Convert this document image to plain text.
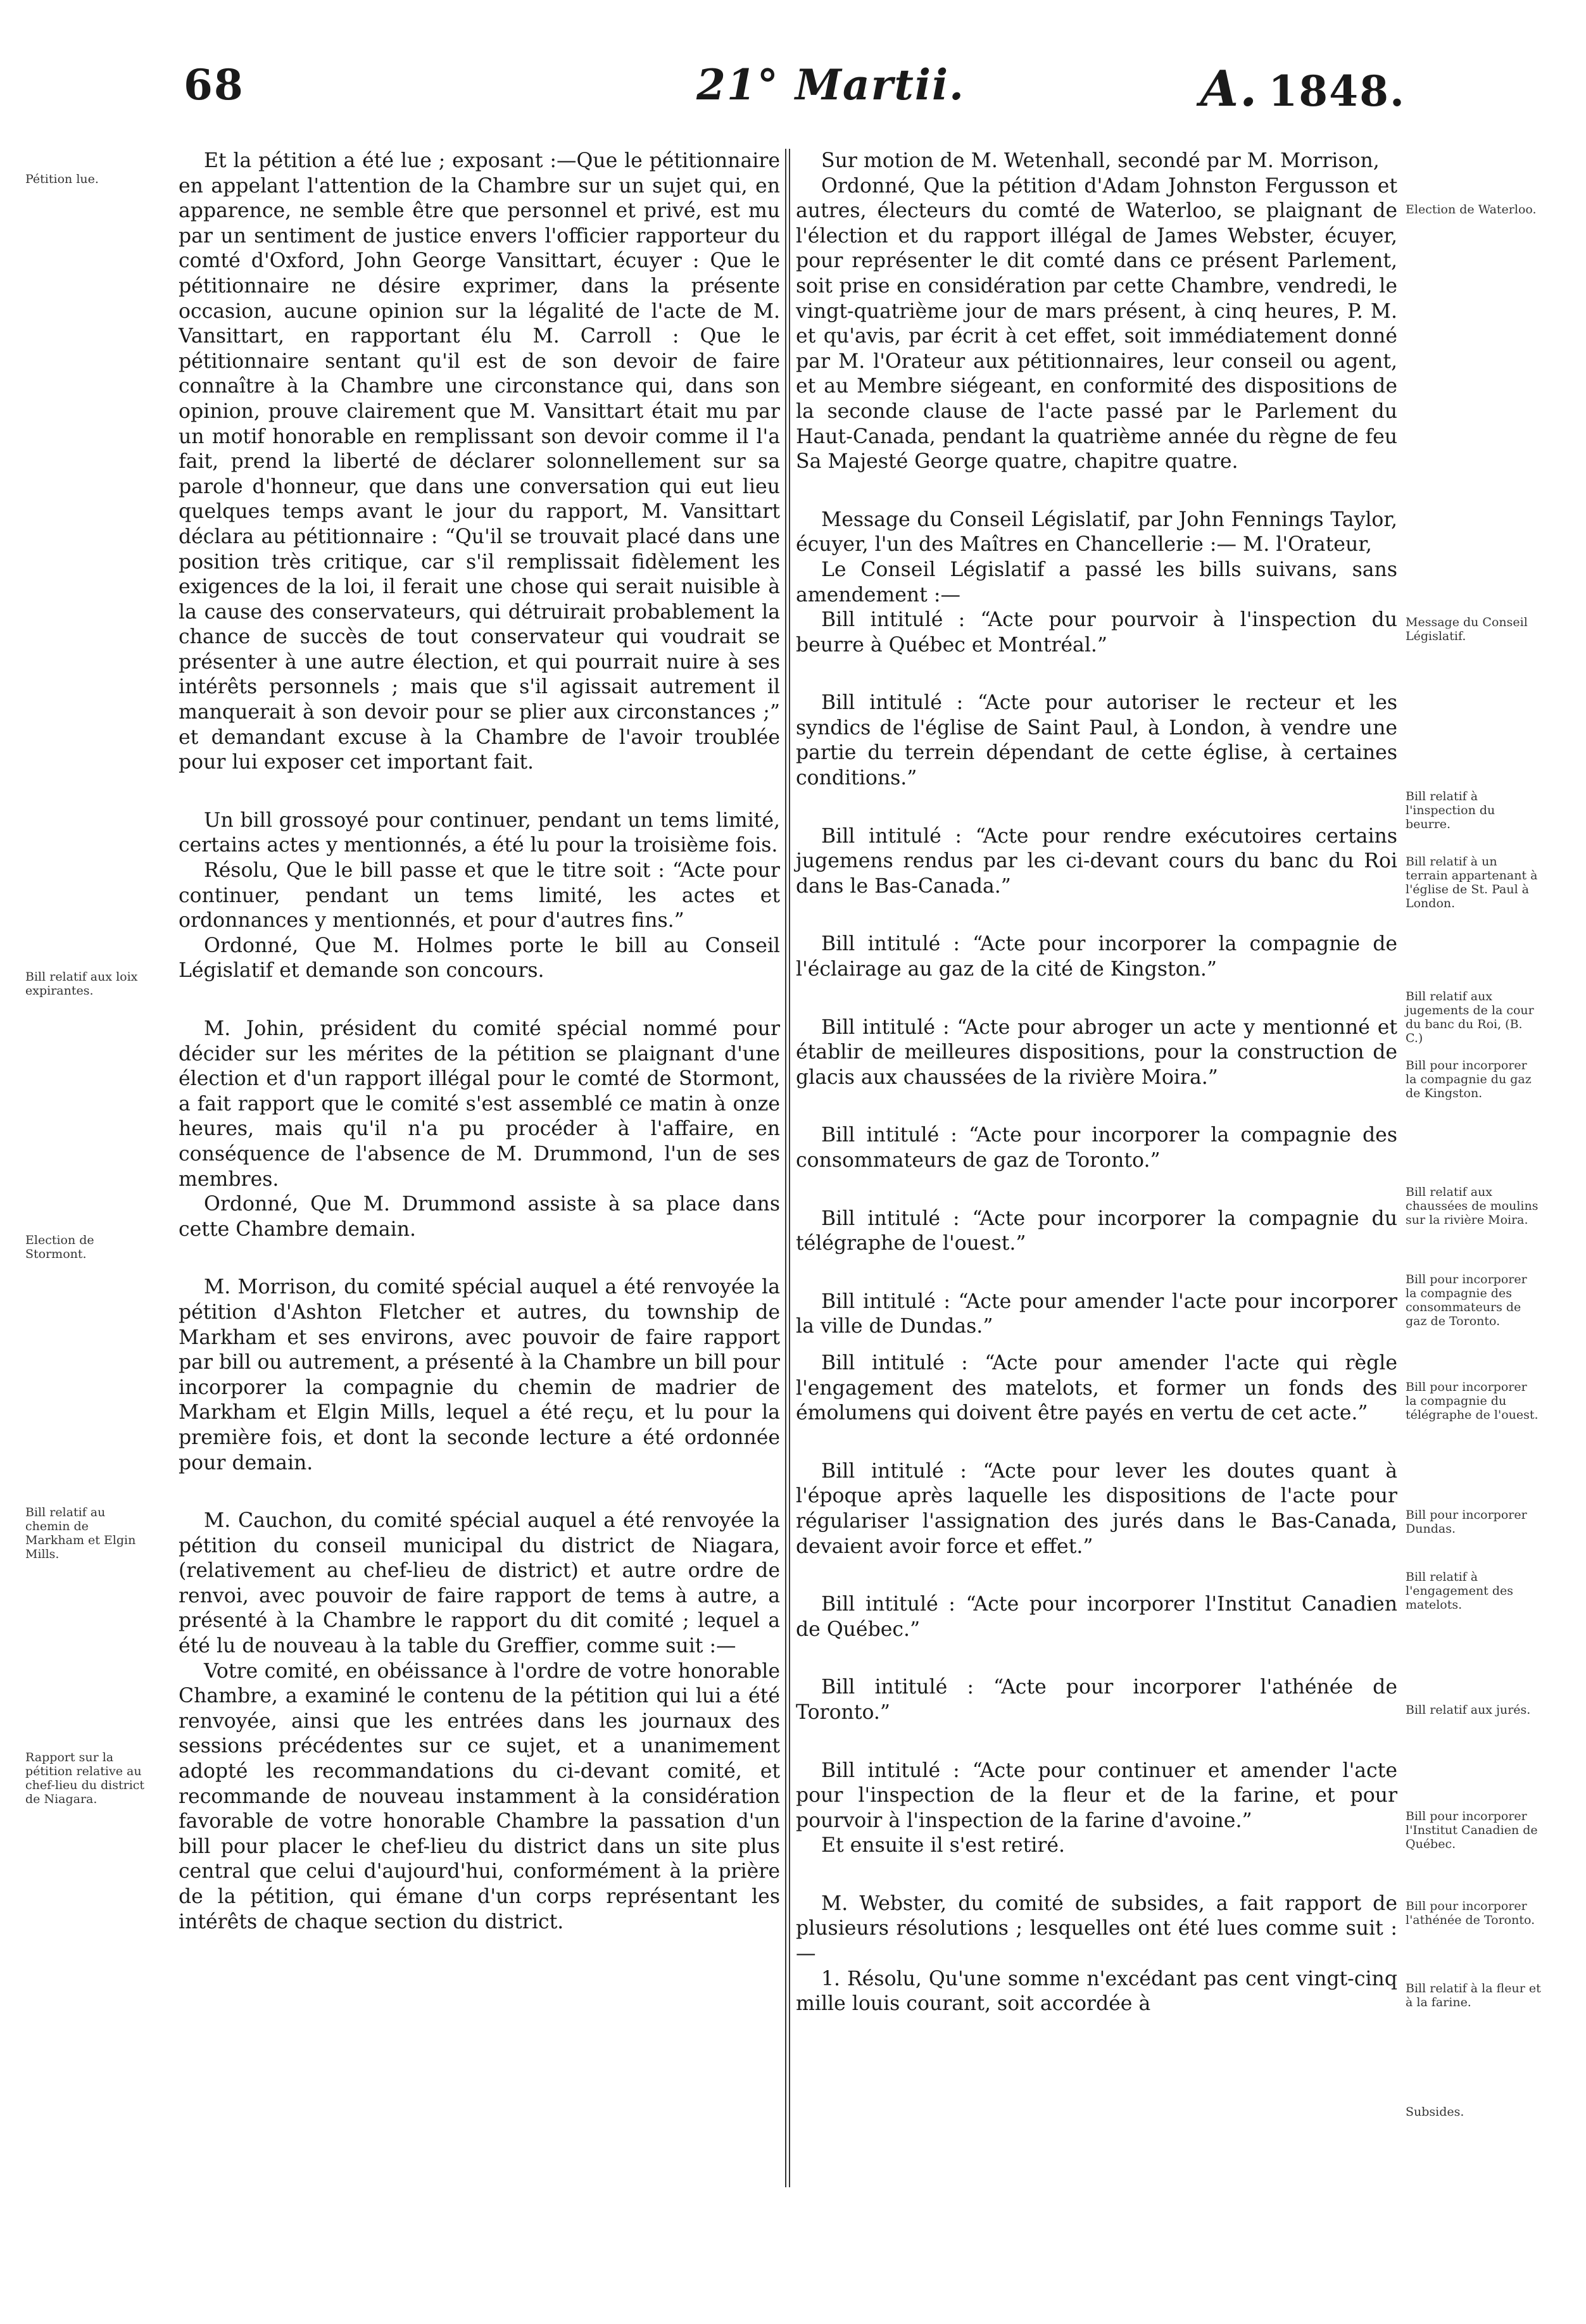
68	21° Martii.	A. 1848.
Pétition lue.
Bill relatif aux loix expirantes.
Election de Stormont.
Bill relatif au chemin de Markham et Elgin Mills.
Rapport sur la pétition relative au chef-lieu du district de Niagara.

Et la pétition a été lue ; exposant :—Que le pétitionnaire en appelant l'attention de la Chambre sur un sujet qui, en apparence, ne semble être que personnel et privé, est mu par un sentiment de justice envers l'officier rapporteur du comté d'Oxford, John George Vansittart, écuyer : Que le pétitionnaire ne désire exprimer, dans la présente occasion, aucune opinion sur la légalité de l'acte de M. Vansittart, en rapportant élu M. Carroll : Que le pétitionnaire sentant qu'il est de son devoir de faire connaître à la Chambre une circonstance qui, dans son opinion, prouve clairement que M. Vansittart était mu par un motif honorable en remplissant son devoir comme il l'a fait, prend la liberté de déclarer solonnellement sur sa parole d'honneur, que dans une conversation qui eut lieu quelques temps avant le jour du rapport, M. Vansittart déclara au pétitionnaire : “Qu'il se trouvait placé dans une position très critique, car s'il remplissait fidèlement les exigences de la loi, il ferait une chose qui serait nuisible à la cause des conservateurs, qui détruirait probablement la chance de succès de tout conservateur qui voudrait se présenter à une autre élection, et qui pourrait nuire à ses intérêts personnels ; mais que s'il agissait autrement il manquerait à son devoir pour se plier aux circonstances ;” et demandant excuse à la Chambre de l'avoir troublée pour lui exposer cet important fait.

Un bill grossoyé pour continuer, pendant un tems limité, certains actes y mentionnés, a été lu pour la troisième fois.

Résolu, Que le bill passe et que le titre soit : “Acte pour continuer, pendant un tems limité, les actes et ordonnances y mentionnés, et pour d'autres fins.”

Ordonné, Que M. Holmes porte le bill au Conseil Législatif et demande son concours.

M. Johin, président du comité spécial nommé pour décider sur les mérites de la pétition se plaignant d'une élection et d'un rapport illégal pour le comté de Stormont, a fait rapport que le comité s'est assemblé ce matin à onze heures, mais qu'il n'a pu procéder à l'affaire, en conséquence de l'absence de M. Drummond, l'un de ses membres.

Ordonné, Que M. Drummond assiste à sa place dans cette Chambre demain.

M. Morrison, du comité spécial auquel a été renvoyée la pétition d'Ashton Fletcher et autres, du township de Markham et ses environs, avec pouvoir de faire rapport par bill ou autrement, a présenté à la Chambre un bill pour incorporer la compagnie du chemin de madrier de Markham et Elgin Mills, lequel a été reçu, et lu pour la première fois, et dont la seconde lecture a été ordonnée pour demain.

M. Cauchon, du comité spécial auquel a été renvoyée la pétition du conseil municipal du district de Niagara, (relativement au chef-lieu de district) et autre ordre de renvoi, avec pouvoir de faire rapport de tems à autre, a présenté à la Chambre le rapport du dit comité ; lequel a été lu de nouveau à la table du Greffier, comme suit :—

Votre comité, en obéissance à l'ordre de votre honorable Chambre, a examiné le contenu de la pétition qui lui a été renvoyée, ainsi que les entrées dans les journaux des sessions précédentes sur ce sujet, et a unanimement adopté les recommandations du ci-devant comité, et recommande de nouveau instamment à la considération favorable de votre honorable Chambre la passation d'un bill pour placer le chef-lieu du district dans un site plus central que celui d'aujourd'hui, conformément à la prière de la pétition, qui émane d'un corps représentant les intérêts de chaque section du district.

Sur motion de M. Wetenhall, secondé par M. Morrison,

Ordonné, Que la pétition d'Adam Johnston Fergusson et autres, électeurs du comté de Waterloo, se plaignant de l'élection et du rapport illégal de James Webster, écuyer, pour représenter le dit comté dans ce présent Parlement, soit prise en considération par cette Chambre, vendredi, le vingt-quatrième jour de mars présent, à cinq heures, P. M. et qu'avis, par écrit à cet effet, soit immédiatement donné par M. l'Orateur aux pétitionnaires, leur conseil ou agent, et au Membre siégeant, en conformité des dispositions de la seconde clause de l'acte passé par le Parlement du Haut-Canada, pendant la quatrième année du règne de feu Sa Majesté George quatre, chapitre quatre.

Message du Conseil Législatif, par John Fennings Taylor, écuyer, l'un des Maîtres en Chancellerie :— M. l'Orateur,

Le Conseil Législatif a passé les bills suivans, sans amendement :—

Bill intitulé : “Acte pour pourvoir à l'inspection du beurre à Québec et Montréal.”

Bill intitulé : “Acte pour autoriser le recteur et les syndics de l'église de Saint Paul, à London, à vendre une partie du terrein dépendant de cette église, à certaines conditions.”

Bill intitulé : “Acte pour rendre exécutoires certains jugemens rendus par les ci-devant cours du banc du Roi dans le Bas-Canada.”

Bill intitulé : “Acte pour incorporer la compagnie de l'éclairage au gaz de la cité de Kingston.”

Bill intitulé : “Acte pour abroger un acte y mentionné et établir de meilleures dispositions, pour la construction de glacis aux chaussées de la rivière Moira.”

Bill intitulé : “Acte pour incorporer la compagnie des consommateurs de gaz de Toronto.”

Bill intitulé : “Acte pour incorporer la compagnie du télégraphe de l'ouest.”

Bill intitulé : “Acte pour amender l'acte pour incorporer la ville de Dundas.”

Bill intitulé : “Acte pour amender l'acte qui règle l'engagement des matelots, et former un fonds des émolumens qui doivent être payés en vertu de cet acte.”

Bill intitulé : “Acte pour lever les doutes quant à l'époque après laquelle les dispositions de l'acte pour régulariser l'assignation des jurés dans le Bas-Canada, devaient avoir force et effet.”

Bill intitulé : “Acte pour incorporer l'Institut Canadien de Québec.”

Bill intitulé : “Acte pour incorporer l'athénée de Toronto.”

Bill intitulé : “Acte pour continuer et amender l'acte pour l'inspection de la fleur et de la farine, et pour pourvoir à l'inspection de la farine d'avoine.”

Et ensuite il s'est retiré.

M. Webster, du comité de subsides, a fait rapport de plusieurs résolutions ; lesquelles ont été lues comme suit :—

1. Résolu, Qu'une somme n'excédant pas cent vingt-cinq mille louis courant, soit accordée à

Election de Waterloo.
Message du Conseil Législatif.
Bill relatif à l'inspection du beurre.
Bill relatif à un terrain appartenant à l'église de St. Paul à London.
Bill relatif aux jugements de la cour du banc du Roi, (B. C.)
Bill pour incorporer la compagnie du gaz de Kingston.
Bill relatif aux chaussées de moulins sur la rivière Moira.
Bill pour incorporer la compagnie des consommateurs de gaz de Toronto.
Bill pour incorporer la compagnie du télégraphe de l'ouest.
Bill pour incorporer Dundas.
Bill relatif à l'engagement des matelots.
Bill relatif aux jurés.
Bill pour incorporer l'Institut Canadien de Québec.
Bill pour incorporer l'athénée de Toronto.
Bill relatif à la fleur et à la farine.
Subsides.
